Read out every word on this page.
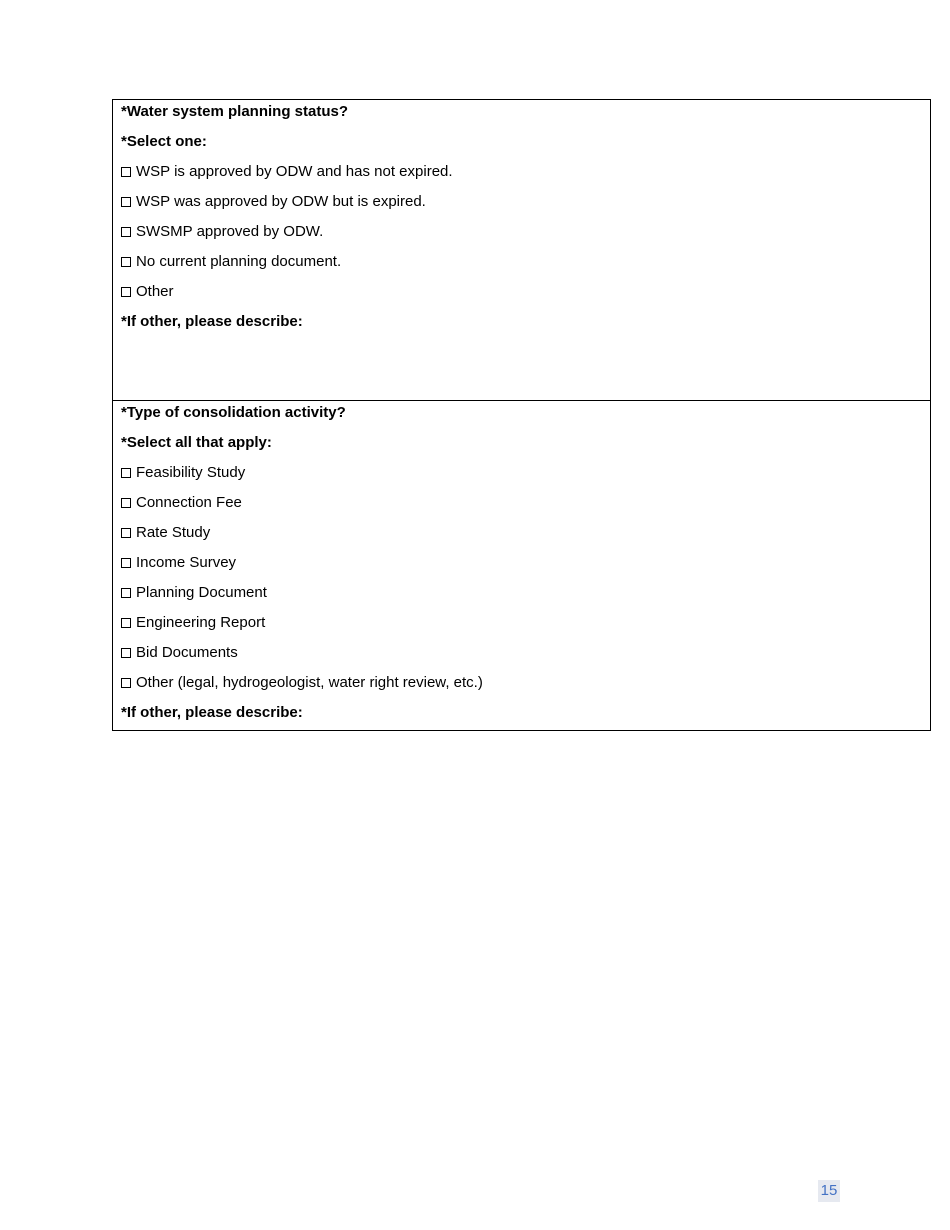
*Water system planning status?
*Select one:
WSP is approved by ODW and has not expired.
WSP was approved by ODW but is expired.
SWSMP approved by ODW.
No current planning document.
Other
*If other, please describe:
*Type of consolidation activity?
*Select all that apply:
Feasibility Study
Connection Fee
Rate Study
Income Survey
Planning Document
Engineering Report
Bid Documents
Other (legal, hydrogeologist, water right review, etc.)
*If other, please describe:
15
